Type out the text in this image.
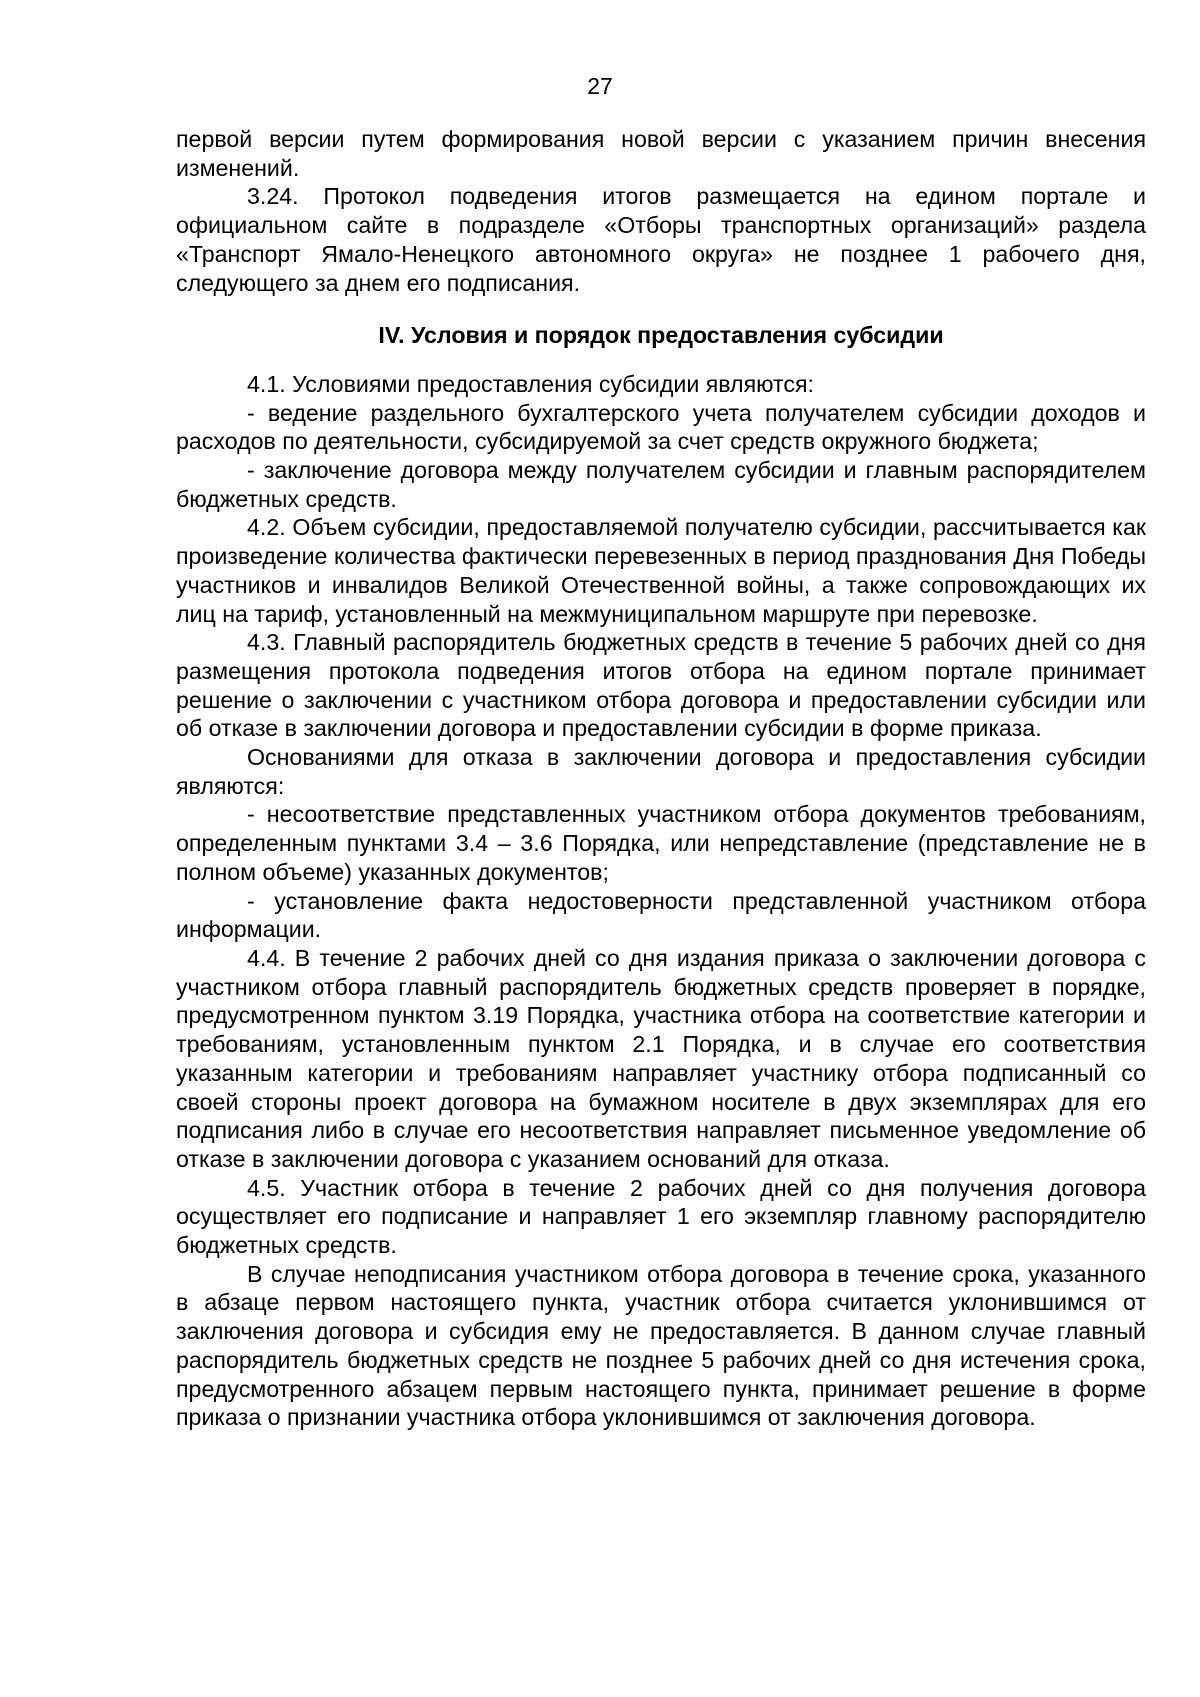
27

первой версии путем формирования новой версии с указанием причин внесения изменений.

3.24. Протокол подведения итогов размещается на едином портале и официальном сайте в подразделе «Отборы транспортных организаций» раздела «Транспорт Ямало-Ненецкого автономного округа» не позднее 1 рабочего дня, следующего за днем его подписания.

IV. Условия и порядок предоставления субсидии

4.1. Условиями предоставления субсидии являются:

- ведение раздельного бухгалтерского учета получателем субсидии доходов и расходов по деятельности, субсидируемой за счет средств окружного бюджета;

- заключение договора между получателем субсидии и главным распорядителем бюджетных средств.

4.2. Объем субсидии, предоставляемой получателю субсидии, рассчитывается как произведение количества фактически перевезенных в период празднования Дня Победы участников и инвалидов Великой Отечественной войны, а также сопровождающих их лиц на тариф, установленный на межмуниципальном маршруте при перевозке.

4.3. Главный распорядитель бюджетных средств в течение 5 рабочих дней со дня размещения протокола подведения итогов отбора на едином портале принимает решение о заключении с участником отбора договора и предоставлении субсидии или об отказе в заключении договора и предоставлении субсидии в форме приказа.

Основаниями для отказа в заключении договора и предоставления субсидии являются:

- несоответствие представленных участником отбора документов требованиям, определенным пунктами 3.4 – 3.6 Порядка, или непредставление (представление не в полном объеме) указанных документов;

- установление факта недостоверности представленной участником отбора информации.

4.4. В течение 2 рабочих дней со дня издания приказа о заключении договора с участником отбора главный распорядитель бюджетных средств проверяет в порядке, предусмотренном пунктом 3.19 Порядка, участника отбора на соответствие категории и требованиям, установленным пунктом 2.1 Порядка, и в случае его соответствия указанным категории и требованиям направляет участнику отбора подписанный со своей стороны проект договора на бумажном носителе в двух экземплярах для его подписания либо в случае его несоответствия направляет письменное уведомление об отказе в заключении договора с указанием оснований для отказа.

4.5. Участник отбора в течение 2 рабочих дней со дня получения договора осуществляет его подписание и направляет 1 его экземпляр главному распорядителю бюджетных средств.

В случае неподписания участником отбора договора в течение срока, указанного в абзаце первом настоящего пункта, участник отбора считается уклонившимся от заключения договора и субсидия ему не предоставляется. В данном случае главный распорядитель бюджетных средств не позднее 5 рабочих дней со дня истечения срока, предусмотренного абзацем первым настоящего пункта, принимает решение в форме приказа о признании участника отбора уклонившимся от заключения договора.
